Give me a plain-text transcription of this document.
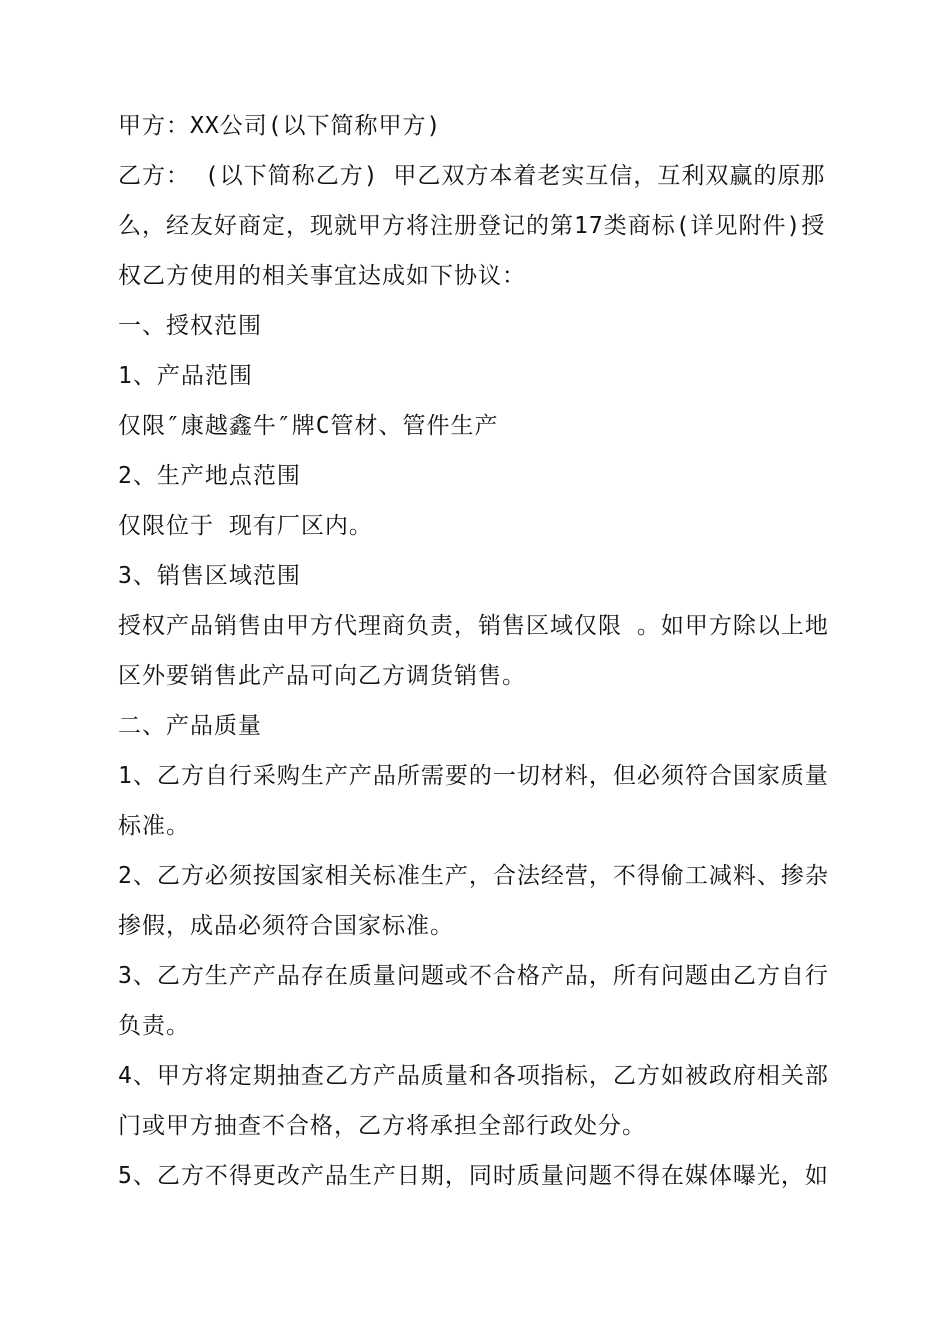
甲方：XX公司(以下简称甲方)
乙方： (以下简称乙方) 甲乙双方本着老实互信，互利双赢的原那
么，经友好商定，现就甲方将注册登记的第17类商标(详见附件)授
权乙方使用的相关事宜达成如下协议：
一、授权范围
1、产品范围
仅限″康越鑫牛″牌C管材、管件生产
2、生产地点范围
仅限位于 现有厂区内。
3、销售区域范围
授权产品销售由甲方代理商负责，销售区域仅限 。如甲方除以上地
区外要销售此产品可向乙方调货销售。
二、产品质量
1、乙方自行采购生产产品所需要的一切材料，但必须符合国家质量
标准。
2、乙方必须按国家相关标准生产，合法经营，不得偷工减料、掺杂
掺假，成品必须符合国家标准。
3、乙方生产产品存在质量问题或不合格产品，所有问题由乙方自行
负责。
4、甲方将定期抽查乙方产品质量和各项指标，乙方如被政府相关部
门或甲方抽查不合格，乙方将承担全部行政处分。
5、乙方不得更改产品生产日期，同时质量问题不得在媒体曝光，如
